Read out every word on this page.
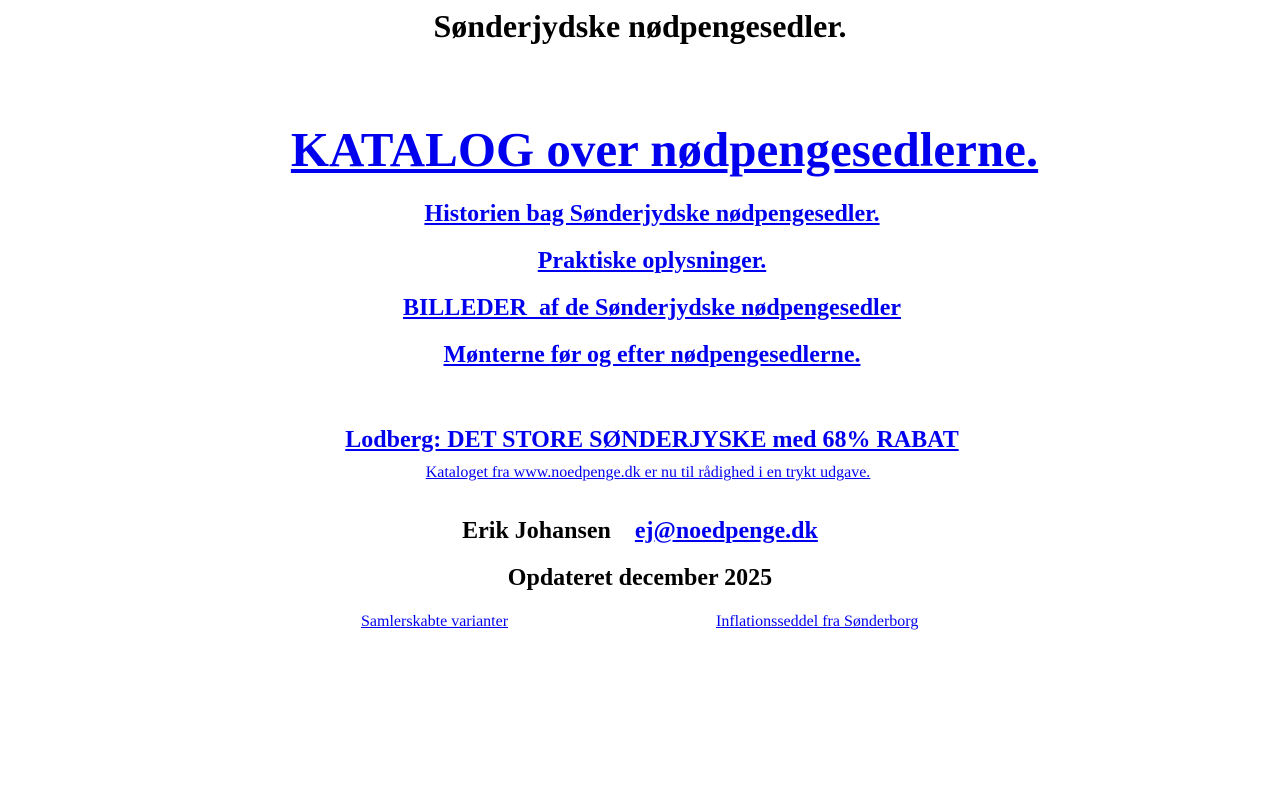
Sønderjydske nødpengesedler.

KATALOG over nødpengesedlerne.

Historien bag Sønderjydske nødpengesedler.

Praktiske oplysninger.

BILLEDER  af de Sønderjydske nødpengesedler

Mønterne før og efter nødpengesedlerne.

Lodberg: DET STORE SØNDERJYSKE med 68% RABAT

Kataloget fra www.noedpenge.dk er nu til rådighed i en trykt udgave.

Erik Johansen ej@noedpenge.dk
Opdateret december 2025
Samlerskabte varianter	Inflationsseddel fra Sønderborg
